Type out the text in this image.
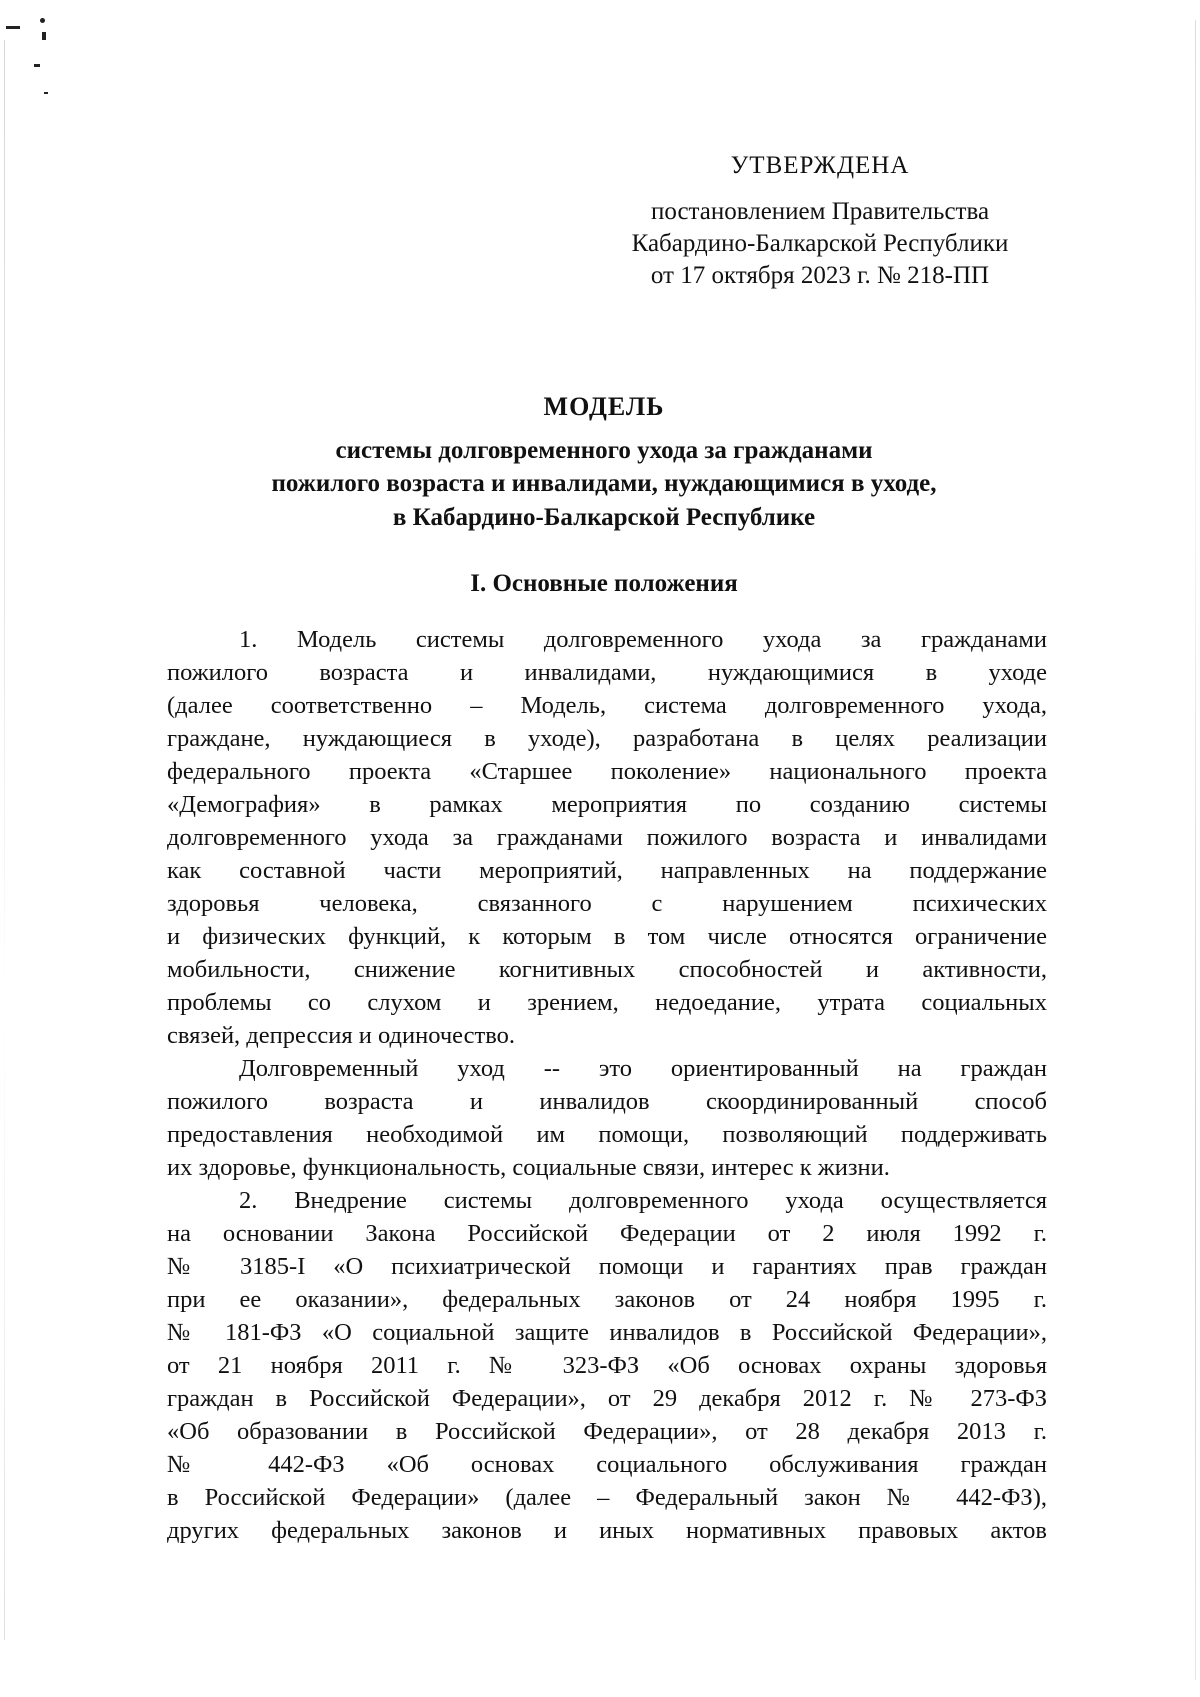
УТВЕРЖДЕНА
постановлением Правительства
Кабардино-Балкарской Республики
от 17 октября 2023 г. № 218-ПП
МОДЕЛЬ
системы долговременного ухода за гражданами
пожилого возраста и инвалидами, нуждающимися в уходе,
в Кабардино-Балкарской Республике
I. Основные положения
1. Модель системы долговременного ухода за гражданами
пожилого возраста и инвалидами, нуждающимися в уходе
(далее соответственно – Модель, система долговременного ухода,
граждане, нуждающиеся в уходе), разработана в целях реализации
федерального проекта «Старшее поколение» национального проекта
«Демография» в рамках мероприятия по созданию системы
долговременного ухода за гражданами пожилого возраста и инвалидами
как составной части мероприятий, направленных на поддержание
здоровья человека, связанного с нарушением психических
и физических функций, к которым в том числе относятся ограничение
мобильности, снижение когнитивных способностей и активности,
проблемы со слухом и зрением, недоедание, утрата социальных
связей, депрессия и одиночество.
Долговременный уход -- это ориентированный на граждан
пожилого возраста и инвалидов скоординированный способ
предоставления необходимой им помощи, позволяющий поддерживать
их здоровье, функциональность, социальные связи, интерес к жизни.
2. Внедрение системы долговременного ухода осуществляется
на основании Закона Российской Федерации от 2 июля 1992 г.
№ 3185-I «О психиатрической помощи и гарантиях прав граждан
при ее оказании», федеральных законов от 24 ноября 1995 г.
№ 181-ФЗ «О социальной защите инвалидов в Российской Федерации»,
от 21 ноября 2011 г. № 323-ФЗ «Об основах охраны здоровья
граждан в Российской Федерации», от 29 декабря 2012 г. № 273-ФЗ
«Об образовании в Российской Федерации», от 28 декабря 2013 г.
№ 442-ФЗ «Об основах социального обслуживания граждан
в Российской Федерации» (далее – Федеральный закон № 442-ФЗ),
других федеральных законов и иных нормативных правовых актов
